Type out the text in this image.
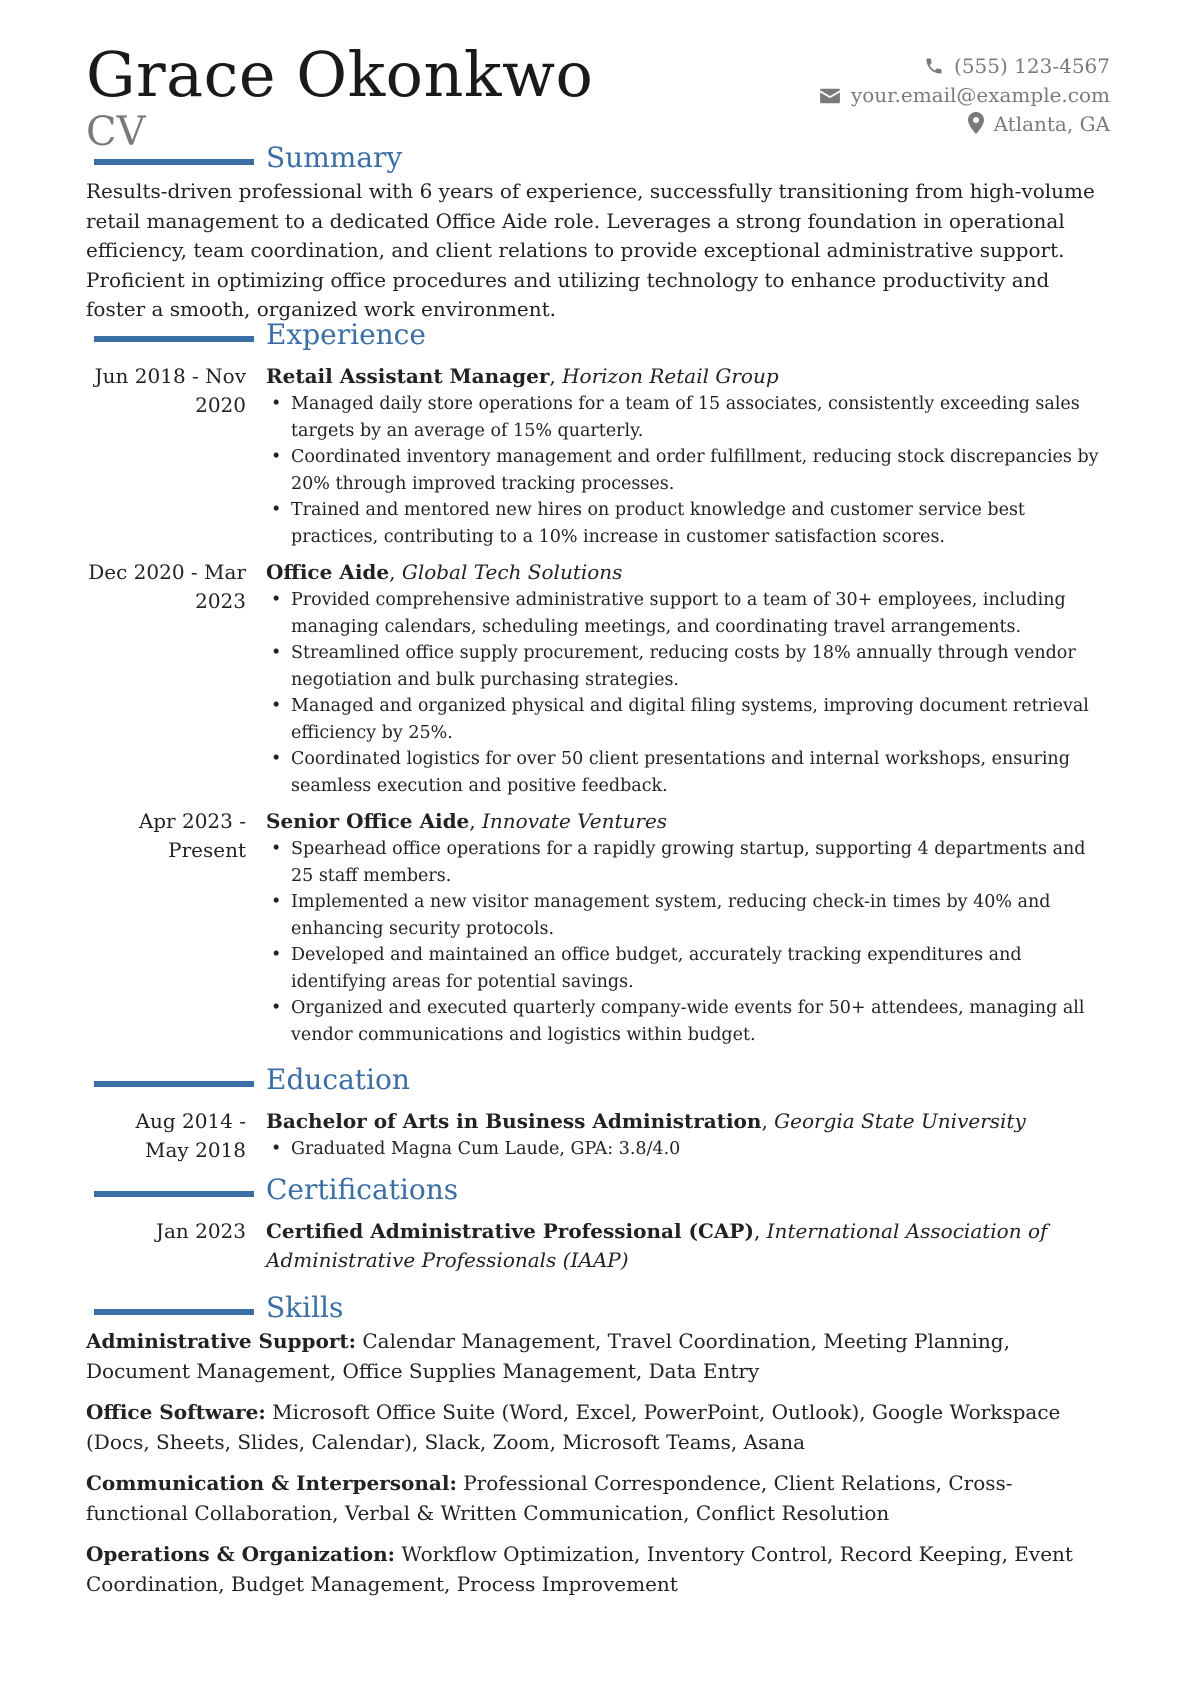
Grace Okonkwo
CV
(555) 123-4567
your.email@example.com
Atlanta, GA
Summary
Results-driven professional with 6 years of experience, successfully transitioning from high-volume retail management to a dedicated Office Aide role. Leverages a strong foundation in operational efficiency, team coordination, and client relations to provide exceptional administrative support. Proficient in optimizing office procedures and utilizing technology to enhance productivity and foster a smooth, organized work environment.
Experience
Jun 2018 - Nov 2020
Retail Assistant Manager, Horizon Retail Group
• Managed daily store operations for a team of 15 associates, consistently exceeding sales targets by an average of 15% quarterly.
• Coordinated inventory management and order fulfillment, reducing stock discrepancies by 20% through improved tracking processes.
• Trained and mentored new hires on product knowledge and customer service best practices, contributing to a 10% increase in customer satisfaction scores.
Dec 2020 - Mar 2023
Office Aide, Global Tech Solutions
• Provided comprehensive administrative support to a team of 30+ employees, including managing calendars, scheduling meetings, and coordinating travel arrangements.
• Streamlined office supply procurement, reducing costs by 18% annually through vendor negotiation and bulk purchasing strategies.
• Managed and organized physical and digital filing systems, improving document retrieval efficiency by 25%.
• Coordinated logistics for over 50 client presentations and internal workshops, ensuring seamless execution and positive feedback.
Apr 2023 - Present
Senior Office Aide, Innovate Ventures
• Spearhead office operations for a rapidly growing startup, supporting 4 departments and 25 staff members.
• Implemented a new visitor management system, reducing check-in times by 40% and enhancing security protocols.
• Developed and maintained an office budget, accurately tracking expenditures and identifying areas for potential savings.
• Organized and executed quarterly company-wide events for 50+ attendees, managing all vendor communications and logistics within budget.
Education
Aug 2014 - May 2018
Bachelor of Arts in Business Administration, Georgia State University
• Graduated Magna Cum Laude, GPA: 3.8/4.0
Certifications
Jan 2023 Certified Administrative Professional (CAP), International Association of Administrative Professionals (IAAP)
Skills
Administrative Support: Calendar Management, Travel Coordination, Meeting Planning, Document Management, Office Supplies Management, Data Entry
Office Software: Microsoft Office Suite (Word, Excel, PowerPoint, Outlook), Google Workspace (Docs, Sheets, Slides, Calendar), Slack, Zoom, Microsoft Teams, Asana
Communication & Interpersonal: Professional Correspondence, Client Relations, Cross-functional Collaboration, Verbal & Written Communication, Conflict Resolution
Operations & Organization: Workflow Optimization, Inventory Control, Record Keeping, Event Coordination, Budget Management, Process Improvement
